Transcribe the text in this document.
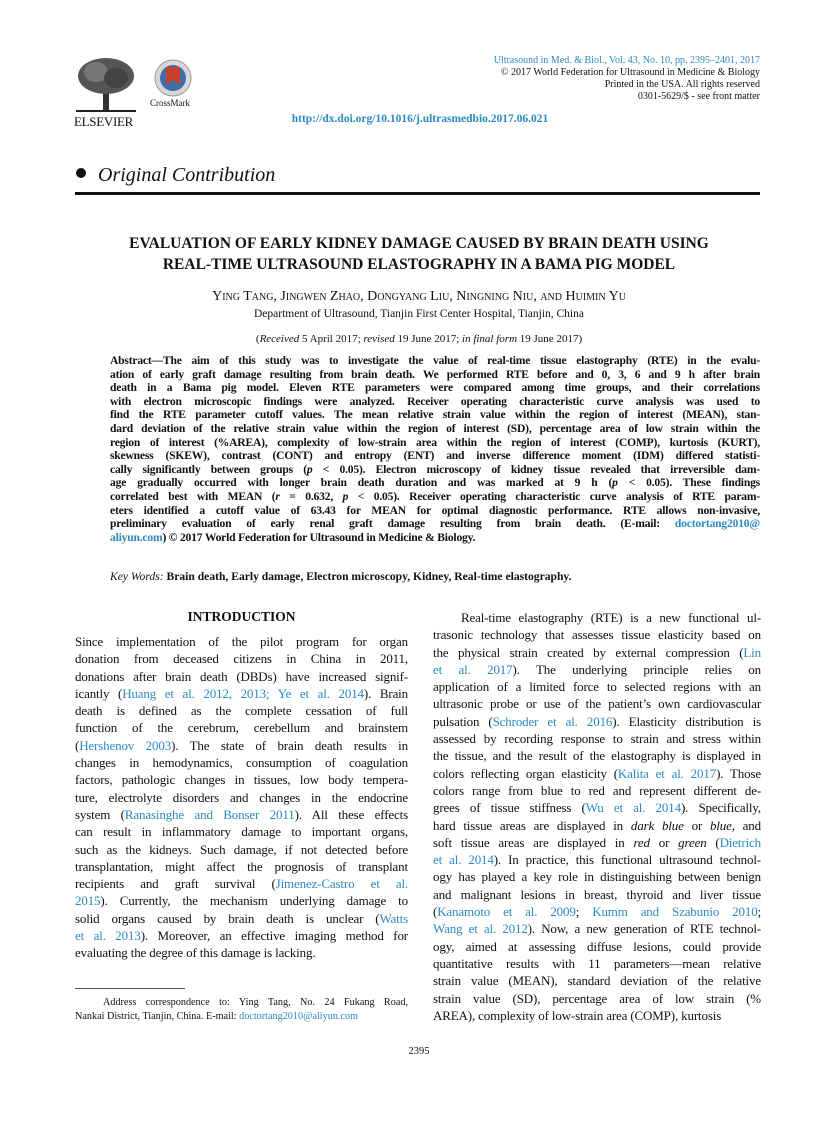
ELSEVIER
CrossMark
Ultrasound in Med. & Biol., Vol. 43, No. 10, pp. 2395–2401, 2017
© 2017 World Federation for Ultrasound in Medicine & Biology
Printed in the USA. All rights reserved
0301-5629/$ - see front matter
http://dx.doi.org/10.1016/j.ultrasmedbio.2017.06.021
Original Contribution
EVALUATION OF EARLY KIDNEY DAMAGE CAUSED BY BRAIN DEATH USING
REAL-TIME ULTRASOUND ELASTOGRAPHY IN A BAMA PIG MODEL
Ying Tang, Jingwen Zhao, Dongyang Liu, Ningning Niu, and Huimin Yu
Department of Ultrasound, Tianjin First Center Hospital, Tianjin, China
(Received 5 April 2017; revised 19 June 2017; in final form 19 June 2017)
Abstract—The aim of this study was to investigate the value of real-time tissue elastography (RTE) in the evalu-
ation of early graft damage resulting from brain death. We performed RTE before and 0, 3, 6 and 9 h after brain
death in a Bama pig model. Eleven RTE parameters were compared among time groups, and their correlations
with electron microscopic findings were analyzed. Receiver operating characteristic curve analysis was used to
find the RTE parameter cutoff values. The mean relative strain value within the region of interest (MEAN), stan-
dard deviation of the relative strain value within the region of interest (SD), percentage area of low strain within the
region of interest (%AREA), complexity of low-strain area within the region of interest (COMP), kurtosis (KURT),
skewness (SKEW), contrast (CONT) and entropy (ENT) and inverse difference moment (IDM) differed statisti-
cally significantly between groups (p < 0.05). Electron microscopy of kidney tissue revealed that irreversible dam-
age gradually occurred with longer brain death duration and was marked at 9 h (p < 0.05). These findings
correlated best with MEAN (r = 0.632, p < 0.05). Receiver operating characteristic curve analysis of RTE param-
eters identified a cutoff value of 63.43 for MEAN for optimal diagnostic performance. RTE allows non-invasive,
preliminary evaluation of early renal graft damage resulting from brain death. (E-mail: doctortang2010@
aliyun.com) © 2017 World Federation for Ultrasound in Medicine & Biology.
Key Words: Brain death, Early damage, Electron microscopy, Kidney, Real-time elastography.
INTRODUCTION
Since implementation of the pilot program for organ
donation from deceased citizens in China in 2011,
donations after brain death (DBDs) have increased signif-
icantly (Huang et al. 2012, 2013; Ye et al. 2014). Brain
death is defined as the complete cessation of full
function of the cerebrum, cerebellum and brainstem
(Hershenov 2003). The state of brain death results in
changes in hemodynamics, consumption of coagulation
factors, pathologic changes in tissues, low body tempera-
ture, electrolyte disorders and changes in the endocrine
system (Ranasinghe and Bonser 2011). All these effects
can result in inflammatory damage to important organs,
such as the kidneys. Such damage, if not detected before
transplantation, might affect the prognosis of transplant
recipients and graft survival (Jimenez-Castro et al.
2015). Currently, the mechanism underlying damage to
solid organs caused by brain death is unclear (Watts
et al. 2013). Moreover, an effective imaging method for
evaluating the degree of this damage is lacking.
Real-time elastography (RTE) is a new functional ul-
trasonic technology that assesses tissue elasticity based on
the physical strain created by external compression (Lin
et al. 2017). The underlying principle relies on
application of a limited force to selected regions with an
ultrasonic probe or use of the patient’s own cardiovascular
pulsation (Schroder et al. 2016). Elasticity distribution is
assessed by recording response to strain and stress within
the tissue, and the result of the elastography is displayed in
colors reflecting organ elasticity (Kalita et al. 2017). Those
colors range from blue to red and represent different de-
grees of tissue stiffness (Wu et al. 2014). Specifically,
hard tissue areas are displayed in dark blue or blue, and
soft tissue areas are displayed in red or green (Dietrich
et al. 2014). In practice, this functional ultrasound technol-
ogy has played a key role in distinguishing between benign
and malignant lesions in breast, thyroid and liver tissue
(Kanamoto et al. 2009; Kumm and Szabunio 2010;
Wang et al. 2012). Now, a new generation of RTE technol-
ogy, aimed at assessing diffuse lesions, could provide
quantitative results with 11 parameters—mean relative
strain value (MEAN), standard deviation of the relative
strain value (SD), percentage area of low strain (%
AREA), complexity of low-strain area (COMP), kurtosis
Address correspondence to: Ying Tang, No. 24 Fukang Road,
Nankai District, Tianjin, China. E-mail: doctortang2010@aliyun.com
2395
